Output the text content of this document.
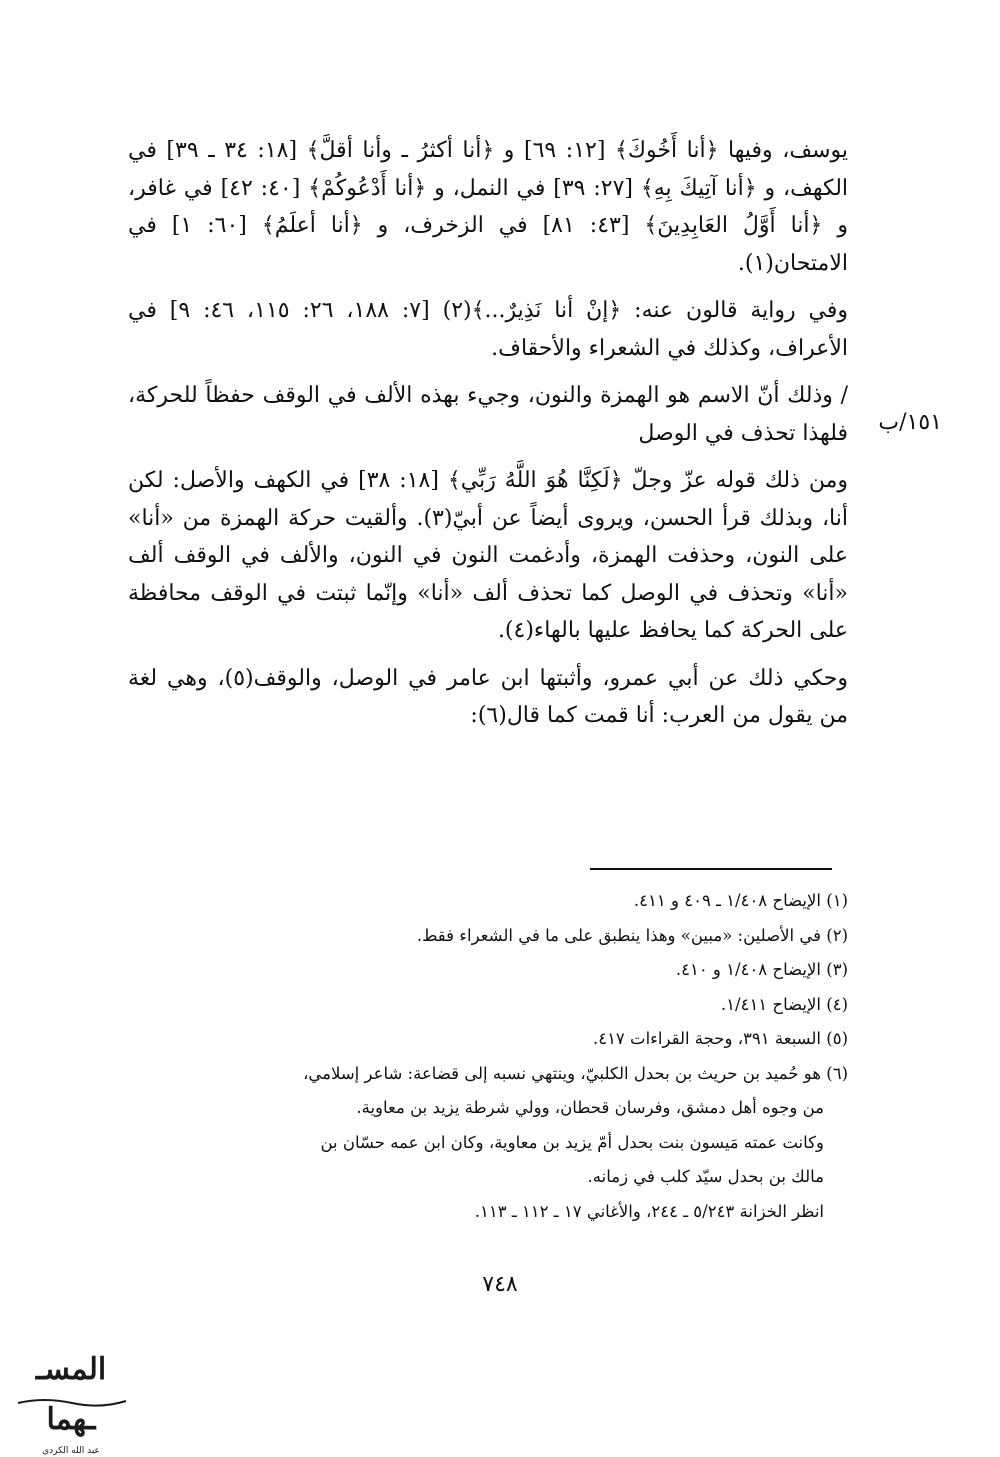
يوسف، وفيها ﴿أنا أَخُوكَ﴾ [١٢: ٦٩] و ﴿أنا أكثرُ ـ وأنا أقلَّ﴾ [١٨: ٣٤ ـ ٣٩] في الكهف، و ﴿أنا آتِيكَ بِهِ﴾ [٢٧: ٣٩] في النمل، و ﴿أنا أَدْعُوكُمْ﴾ [٤٠: ٤٢] في غافر، و ﴿أنا أَوَّلُ العَابِدِينَ﴾ [٤٣: ٨١] في الزخرف، و ﴿أنا أعلَمُ﴾ [٦٠: ١] في الامتحان(١).

وفي رواية قالون عنه: ﴿إنْ أنا نَذِيرٌ...﴾(٢) [٧: ١٨٨، ٢٦: ١١٥، ٤٦: ٩] في الأعراف، وكذلك في الشعراء والأحقاف.

/ وذلك أنّ الاسم هو الهمزة والنون، وجيء بهذه الألف في الوقف حفظاً للحركة، فلهذا تحذف في الوصل

ومن ذلك قوله عزّ وجلّ ﴿لَكِنَّا هُوَ اللَّهُ رَبِّي﴾ [١٨: ٣٨] في الكهف والأصل: لكن أنا، وبذلك قرأ الحسن، ويروى أيضاً عن أبيّ(٣). وألقيت حركة الهمزة من «أنا» على النون، وحذفت الهمزة، وأدغمت النون في النون، والألف في الوقف ألف «أنا» وتحذف في الوصل كما تحذف ألف «أنا» وإنّما ثبتت في الوقف محافظة على الحركة كما يحافظ عليها بالهاء(٤).

وحكي ذلك عن أبي عمرو، وأثبتها ابن عامر في الوصل، والوقف(٥)، وهي لغة من يقول من العرب: أنا قمت كما قال(٦):

١٥١/ب

(١) الإيضاح ١/٤٠٨ ـ ٤٠٩ و ٤١١.

(٢) في الأصلين: «مبين» وهذا ينطبق على ما في الشعراء فقط.

(٣) الإيضاح ١/٤٠٨ و ٤١٠.

(٤) الإيضاح ١/٤١١.

(٥) السبعة ٣٩١، وحجة القراءات ٤١٧.

(٦) هو حُميد بن حريث بن بحدل الكلبيّ، وينتهي نسبه إلى قضاعة: شاعر إسلامي،

من وجوه أهل دمشق، وفرسان قحطان، وولي شرطة يزيد بن معاوية.

وكانت عمته مَيسون بنت بحدل أمّ يزيد بن معاوية، وكان ابن عمه حسّان بن

مالك بن بحدل سيّد كلب في زمانه.

انظر الخزانة ٥/٢٤٣ ـ ٢٤٤، والأغاني ١٧ ـ ١١٢ ـ ١١٣.

٧٤٨
المسـ ـهما
عبد الله الكردي
